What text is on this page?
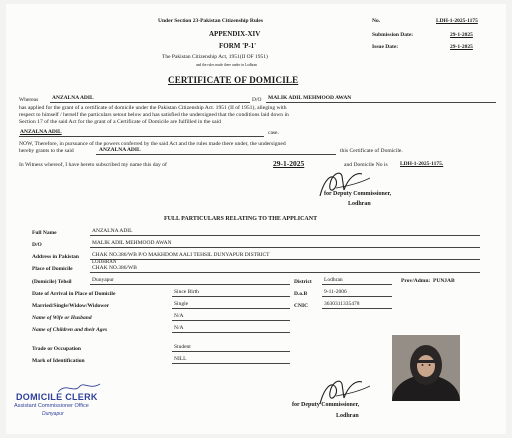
Under Section 23-Pakistan Citizenship Rules
APPENDIX-XIV
FORM 'P-1'
The Pakistan Citizenship Act, 1951(II OF 1951)
and the rules made there under in Lodhran
No.	LDH-1-2025-1175
Submission Date:	29-1-2025
Issue Date:	29-1-2025
CERTIFICATE OF DOMICILE
Whereas	ANZALNA ADIL	D/O MALIK ADIL MEHMOOD AWAN
has applied for the grant of a certificate of domicile under the Pakistan Citizenship Act. 1951 (II of 1951), alleging with
respect to himself / herself the particulars setout below and has satisfied the undersigned that the conditions laid down in
Section 17 of the said Act for the grant of a Certificate of Domicile are fulfilled in the said
ANZALNA ADIL	case.
NOW, Therefore, in pursuance of the powers conferred by the said Act and the rules made there under, the undersigned
hereby grants to the said	ANZALNA ADIL	this Certificate of Domicile.
In Witness whereof, I have hereto subscribed my name this day of	29-1-2025	and Domicile No is LDH-1-2025-1175.
for Deputy Commissioner,
Lodhran
FULL PARTICULARS RELATING TO THE APPLICANT
Full Name	ANZALNA ADIL
D/O	MALIK ADIL MEHMOOD AWAN
Address in Pakistan CHAK NO.386/WB P/O MAKHDOM AALI TEHSIL DUNYAPUR DISTRICT
LODHRAN
Place of Domicile	CHAK NO.386/WB
(Domicile) Tehsil	Dunyapur	District Lodhran	Prov/Admn: PUNJAB
Date of Arrival in Place of Domicile	Since Birth	D.o.B	9-11-2006
Married/Single/Widow/Widower	Single	CNIC	3630311335478
Name of Wife or Husband	N/A
Name of Children and their Ages	N/A
Trade or Occupation	Student
Mark of Identification	NILL
DOMICILE CLERK
Assistant Commissioner Office
Dunyapur
for Deputy Commissioner,
Lodhran
